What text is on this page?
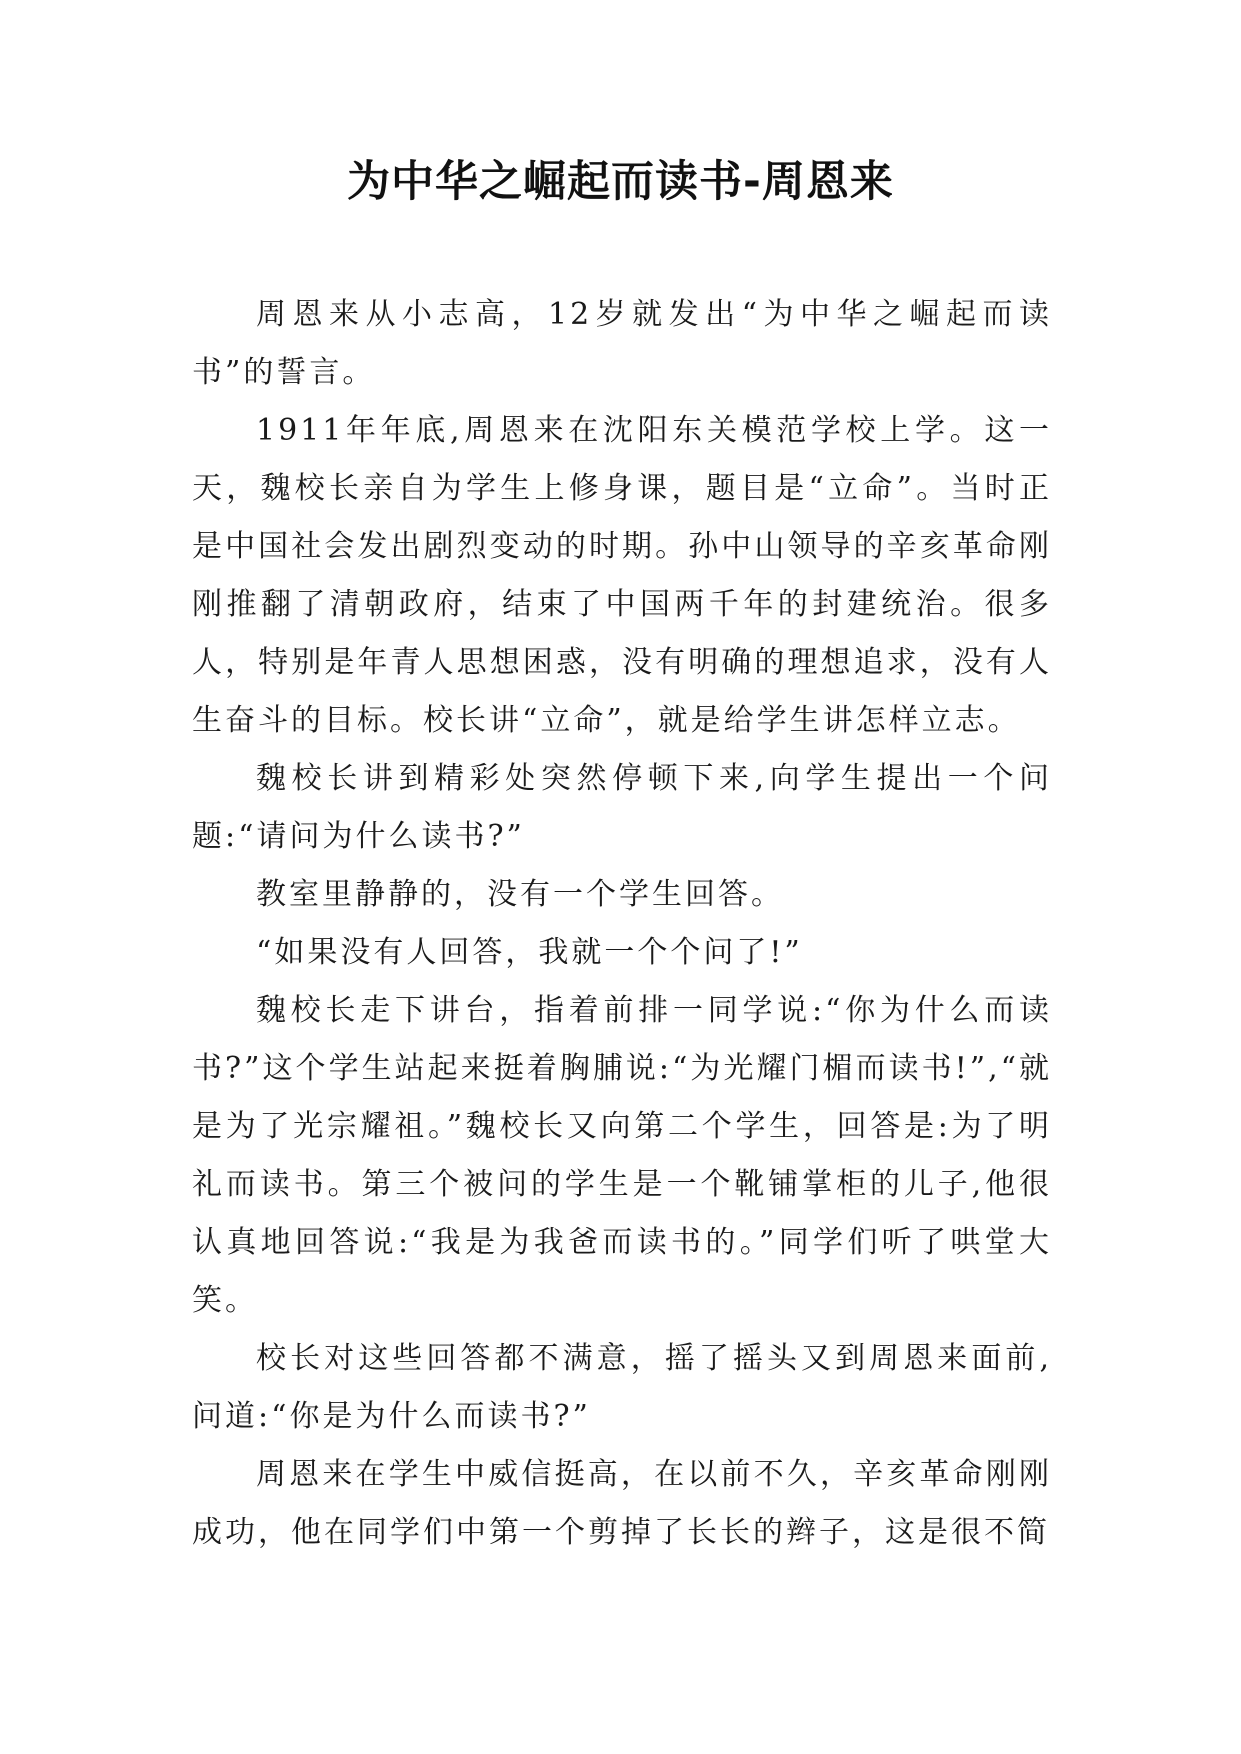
为中华之崛起而读书-周恩来

周恩来从小志高，12岁就发出“为中华之崛起而读书”的誓言。

1911年年底,周恩来在沈阳东关模范学校上学。这一天，魏校长亲自为学生上修身课，题目是“立命”。当时正是中国社会发出剧烈变动的时期。孙中山领导的辛亥革命刚刚推翻了清朝政府，结束了中国两千年的封建统治。很多人，特别是年青人思想困惑，没有明确的理想追求，没有人生奋斗的目标。校长讲“立命”，就是给学生讲怎样立志。

魏校长讲到精彩处突然停顿下来,向学生提出一个问题:“请问为什么读书?”

教室里静静的，没有一个学生回答。

“如果没有人回答，我就一个个问了!”

魏校长走下讲台，指着前排一同学说:“你为什么而读书?”这个学生站起来挺着胸脯说:“为光耀门楣而读书!”,“就是为了光宗耀祖。”魏校长又向第二个学生，回答是:为了明礼而读书。第三个被问的学生是一个靴铺掌柜的儿子,他很认真地回答说:“我是为我爸而读书的。”同学们听了哄堂大笑。

校长对这些回答都不满意，摇了摇头又到周恩来面前,问道:“你是为什么而读书?”

周恩来在学生中威信挺高，在以前不久，辛亥革命刚刚成功，他在同学们中第一个剪掉了长长的辫子，这是很不简
